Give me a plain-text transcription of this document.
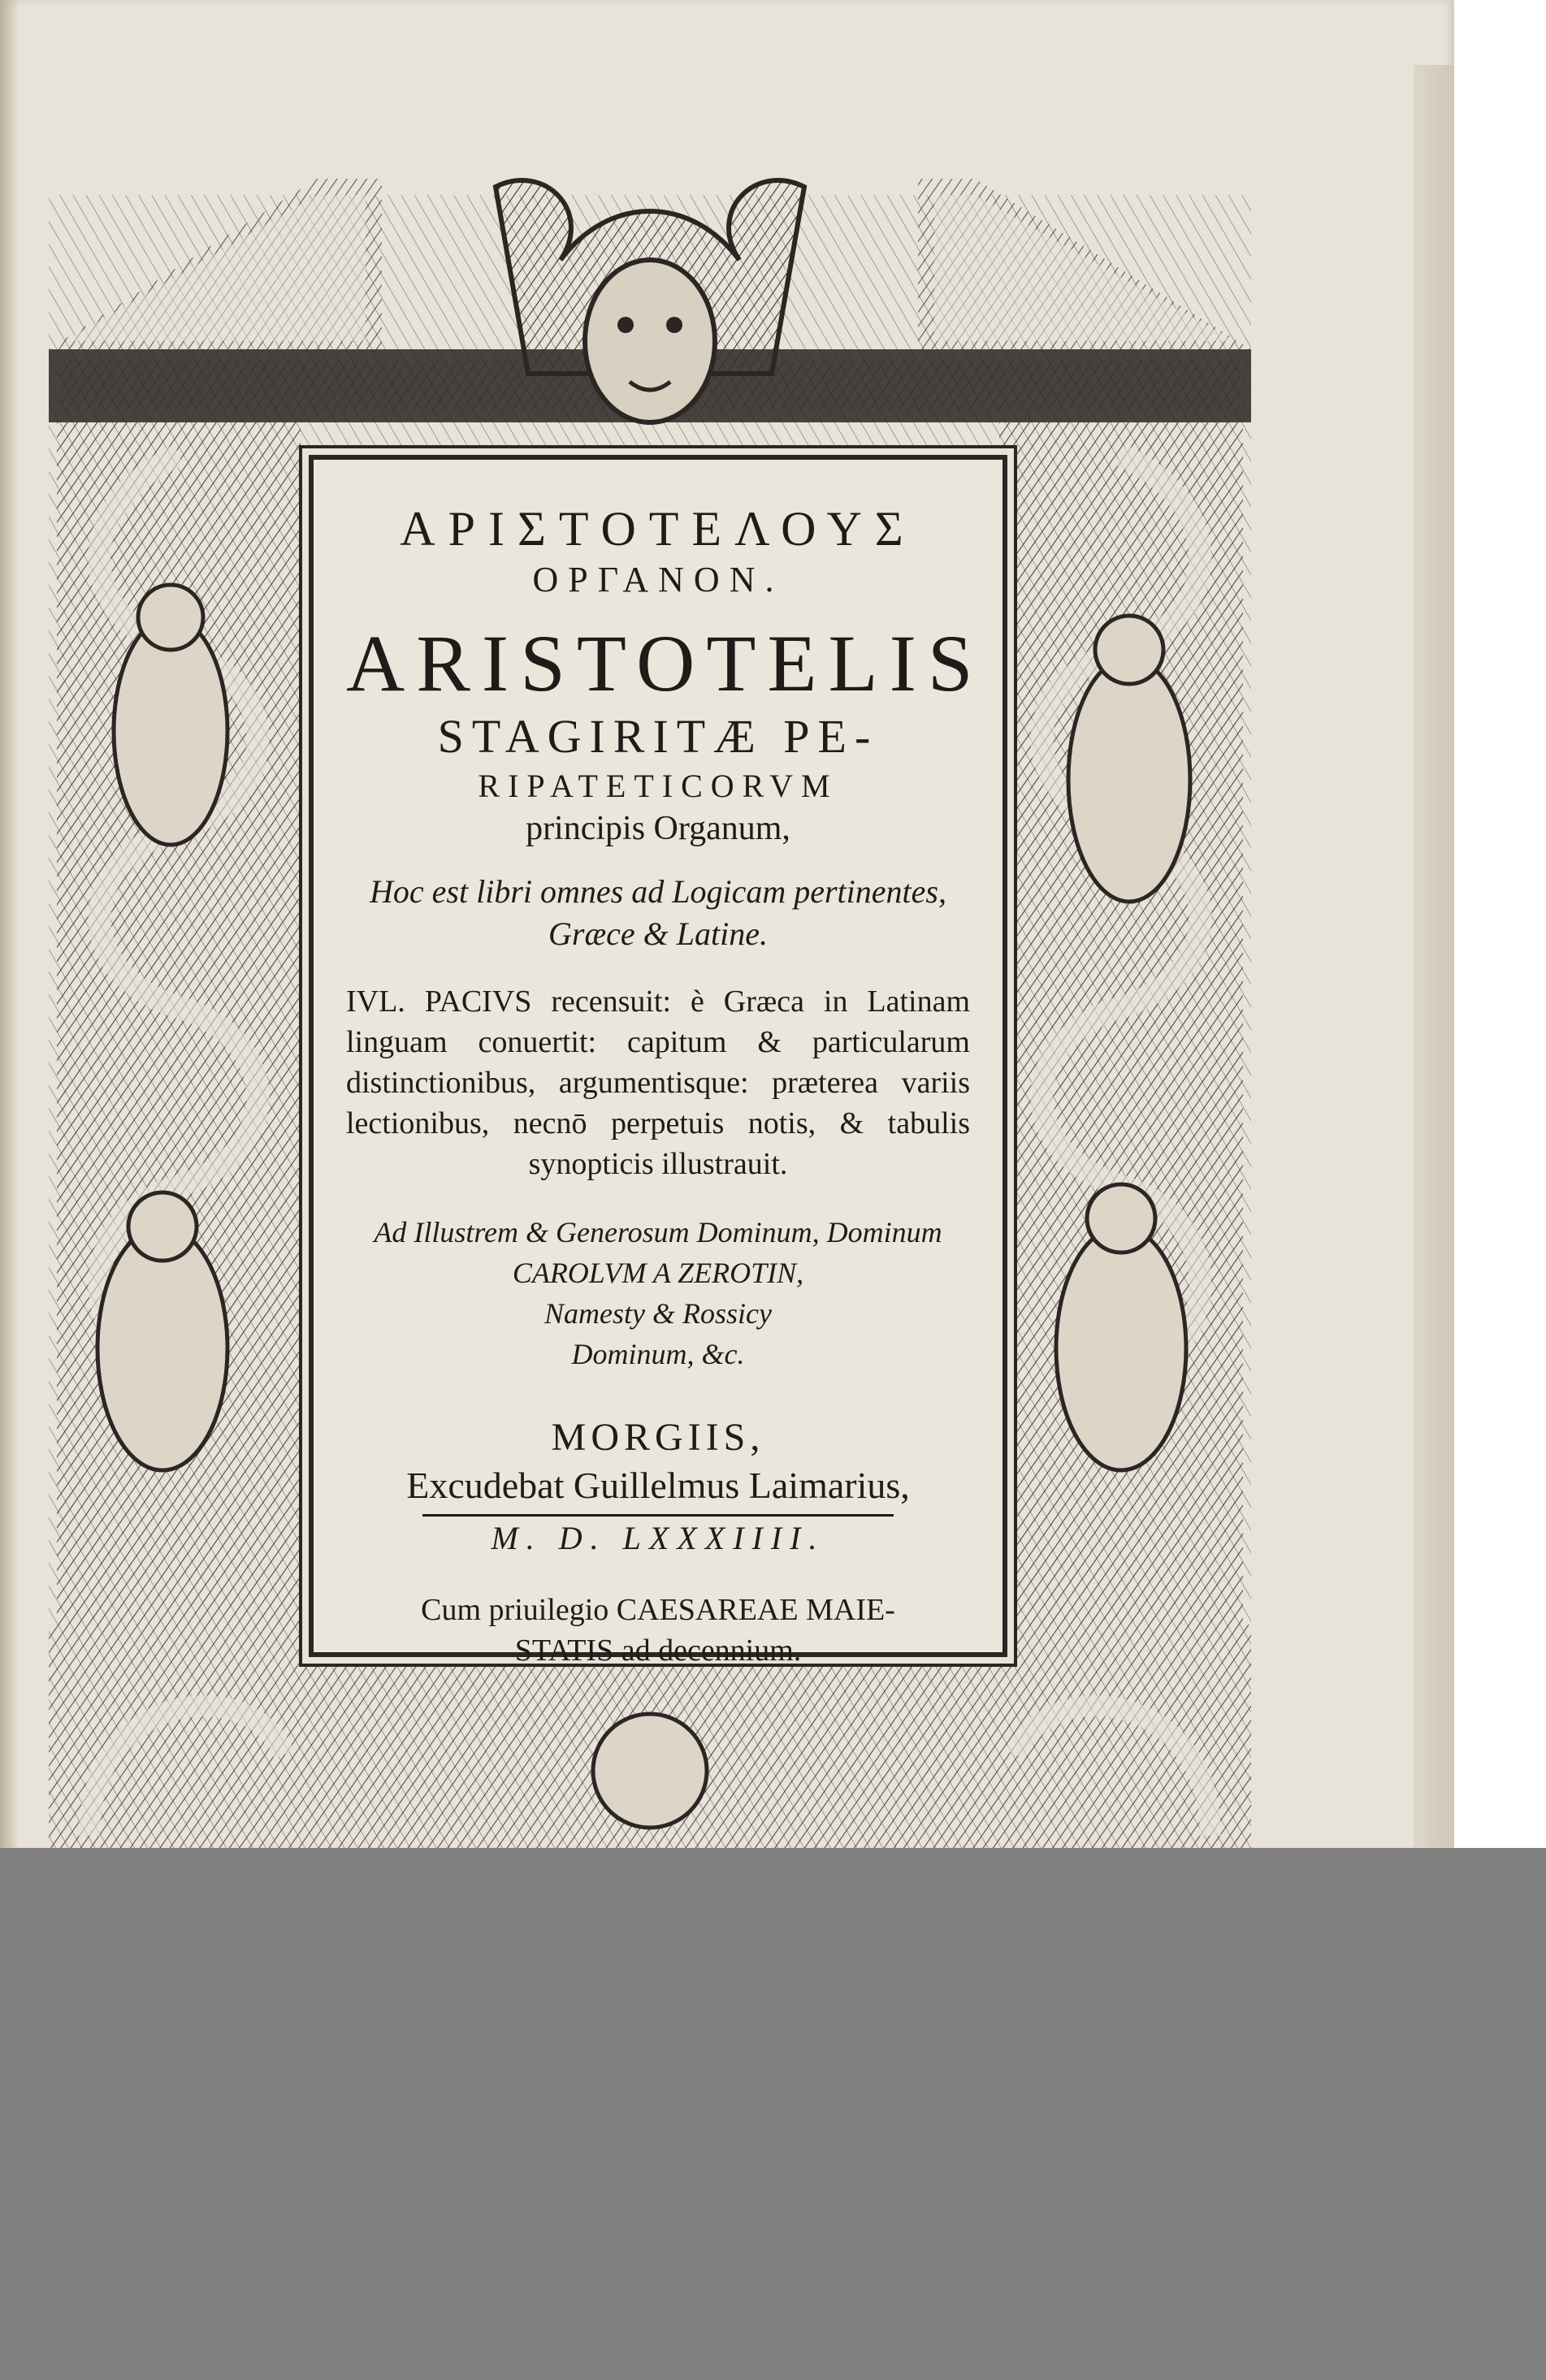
ΑΡΙΣΤΟΤΕΛΟΥΣ
ΟΡΓΑΝΟΝ.
ARISTOTELIS
STAGIRITÆ PE-
RIPATETICORVM
principis Organum,
Hoc est libri omnes ad Logicam pertinentes,
Græce & Latine.
IVL. PACIVS recensuit: è Græca in Latinam linguam conuertit: capitum & particularum distinctionibus, argumentisque: præterea variis lectionibus, necnō perpetuis notis, & tabulis synopticis illustrauit.
Ad Illustrem & Generosum Dominum, Dominum
CAROLVM A ZEROTIN,
Namesty & Rossicy
Dominum, &c.
MORGIIS,
Excudebat Guillelmus Laimarius,
M. D. LXXXIIII.
Cum priuilegio CAESAREAE MAIE-
STATIS ad decennium.
